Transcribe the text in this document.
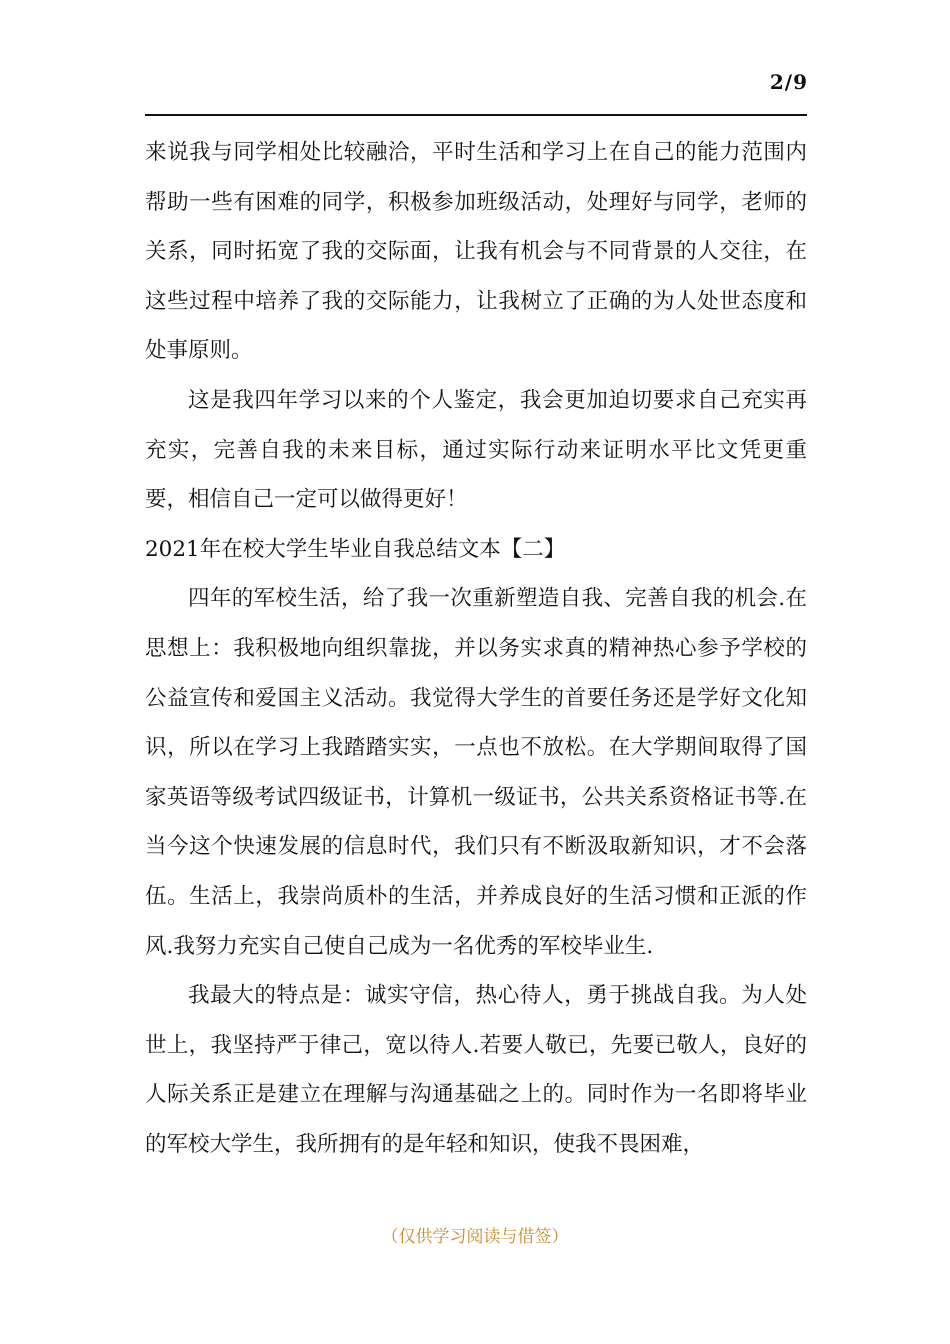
2/9

来说我与同学相处比较融洽，平时生活和学习上在自己的能力范围内帮助一些有困难的同学，积极参加班级活动，处理好与同学，老师的关系，同时拓宽了我的交际面，让我有机会与不同背景的人交往，在这些过程中培养了我的交际能力，让我树立了正确的为人处世态度和处事原则。

这是我四年学习以来的个人鉴定，我会更加迫切要求自己充实再充实，完善自我的未来目标，通过实际行动来证明水平比文凭更重要，相信自己一定可以做得更好！

2021年在校大学生毕业自我总结文本【二】

四年的军校生活，给了我一次重新塑造自我、完善自我的机会.在思想上：我积极地向组织靠拢，并以务实求真的精神热心参予学校的公益宣传和爱国主义活动。我觉得大学生的首要任务还是学好文化知识，所以在学习上我踏踏实实，一点也不放松。在大学期间取得了国家英语等级考试四级证书，计算机一级证书，公共关系资格证书等.在当今这个快速发展的信息时代，我们只有不断汲取新知识，才不会落伍。生活上，我崇尚质朴的生活，并养成良好的生活习惯和正派的作风.我努力充实自己使自己成为一名优秀的军校毕业生.

我最大的特点是：诚实守信，热心待人，勇于挑战自我。为人处世上，我坚持严于律己，宽以待人.若要人敬已，先要已敬人，良好的人际关系正是建立在理解与沟通基础之上的。同时作为一名即将毕业的军校大学生，我所拥有的是年轻和知识，使我不畏困难，

（仅供学习阅读与借签）
